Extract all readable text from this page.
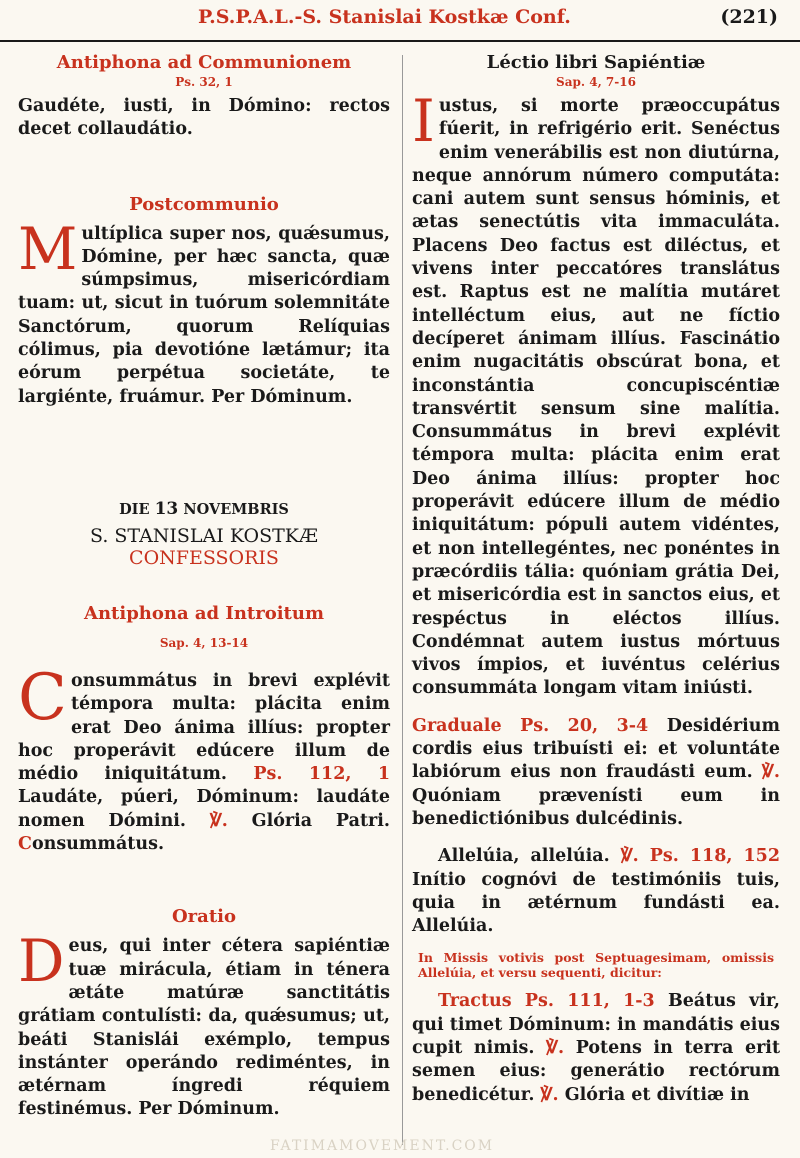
P.S.P.A.L.-S. Stanislai Kostkæ Conf.	(221)
Antiphona ad Communionem
Ps. 32, 1

Gaudéte, iusti, in Dómino: rectos decet collaudátio.

Postcommunio

Multíplica super nos, quǽsumus, Dómine, per hæc sancta, quæ súmpsimus, misericórdiam tuam: ut, sicut in tuórum solemnitáte Sanctórum, quorum Relíquias cólimus, pia devotióne lætámur; ita eórum perpétua societáte, te largiénte, fruámur. Per Dóminum.

DIE 13 NOVEMBRIS
S. STANISLAI KOSTKÆ
CONFESSORIS
Antiphona ad Introitum
Sap. 4, 13-14

Consummátus in brevi explévit témpora multa: plácita enim erat Deo ánima illíus: propter hoc properávit edúcere illum de médio iniquitátum. Ps. 112, 1 Laudáte, púeri, Dóminum: laudáte nomen Dómini. ℣. Glória Patri. Consummátus.

Oratio

Deus, qui inter cétera sapiéntiæ tuæ mirácula, étiam in ténera ætáte matúræ sanctitátis grátiam contulísti: da, quǽsumus; ut, beáti Stanislái exémplo, tempus instánter operándo rediméntes, in ætérnam íngredi réquiem festinémus. Per Dóminum.

Léctio libri Sapiéntiæ
Sap. 4, 7-16

Iustus, si morte præoccupátus fúerit, in refrigério erit. Senéctus enim venerábilis est non diutúrna, neque annórum número computáta: cani autem sunt sensus hóminis, et ætas senectútis vita immaculáta. Placens Deo factus est diléctus, et vivens inter peccatóres translátus est. Raptus est ne malítia mutáret intelléctum eius, aut ne fíctio decíperet ánimam illíus. Fascinátio enim nugacitátis obscúrat bona, et inconstántia concupiscéntiæ transvértit sensum sine malítia. Consummátus in brevi explévit témpora multa: plácita enim erat Deo ánima illíus: propter hoc properávit edúcere illum de médio iniquitátum: pópuli autem vidéntes, et non intellegéntes, nec ponéntes in præcórdiis tália: quóniam grátia Dei, et misericórdia est in sanctos eius, et respéctus in eléctos illíus. Condémnat autem iustus mórtuus vivos ímpios, et iuvéntus celérius consummáta longam vitam iniústi.

Graduale Ps. 20, 3-4 Desidérium cordis eius tribuísti ei: et voluntáte labiórum eius non fraudásti eum. ℣. Quóniam prævenísti eum in benedictiónibus dulcédinis.

Allelúia, allelúia. ℣. Ps. 118, 152 Inítio cognóvi de testimóniis tuis, quia in ætérnum fundásti ea. Allelúia.

In Missis votivis post Septuagesimam, omissis Allelúia, et versu sequenti, dicitur:

Tractus Ps. 111, 1-3 Beátus vir, qui timet Dóminum: in mandátis eius cupit nimis. ℣. Potens in terra erit semen eius: generátio rectórum benedicétur. ℣. Glória et divítiæ in

FATIMAMOVEMENT.COM
